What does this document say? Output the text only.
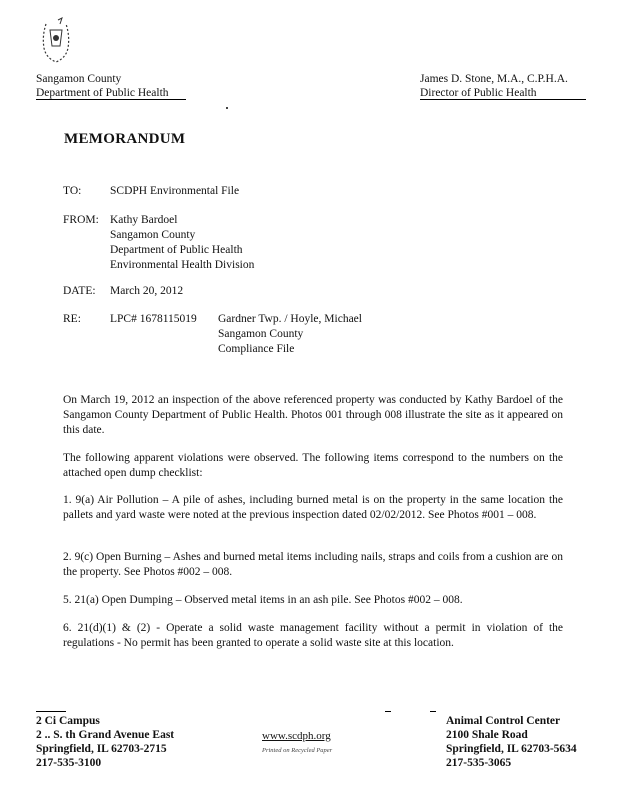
Sangamon County
Department of Public Health
James D. Stone, M.A., C.P.H.A.
Director of Public Health
MEMORANDUM
TO: SCDPH Environmental File
FROM: Kathy Bardoel
Sangamon County
Department of Public Health
Environmental Health Division
DATE: March 20, 2012
RE:	LPC# 1678115019 Gardner Twp. / Hoyle, Michael
Sangamon County
Compliance File
On March 19, 2012 an inspection of the above referenced property was conducted by Kathy Bardoel of the Sangamon County Department of Public Health. Photos 001 through 008 illustrate the site as it appeared on this date.
The following apparent violations were observed. The following items correspond to the numbers on the attached open dump checklist:
1. 9(a) Air Pollution – A pile of ashes, including burned metal is on the property in the same location the pallets and yard waste were noted at the previous inspection dated 02/02/2012. See Photos #001 – 008.
2. 9(c) Open Burning – Ashes and burned metal items including nails, straps and coils from a cushion are on the property. See Photos #002 – 008.
5. 21(a) Open Dumping – Observed metal items in an ash pile. See Photos #002 – 008.
6. 21(d)(1) & (2) - Operate a solid waste management facility without a permit in violation of the regulations - No permit has been granted to operate a solid waste site at this location.
2 Ci Campus
2 .. S. th Grand Avenue East
Springfield, IL 62703-2715
217-535-3100
www.scdph.org
Printed on Recycled Paper
Animal Control Center
2100 Shale Road
Springfield, IL 62703-5634
217-535-3065
